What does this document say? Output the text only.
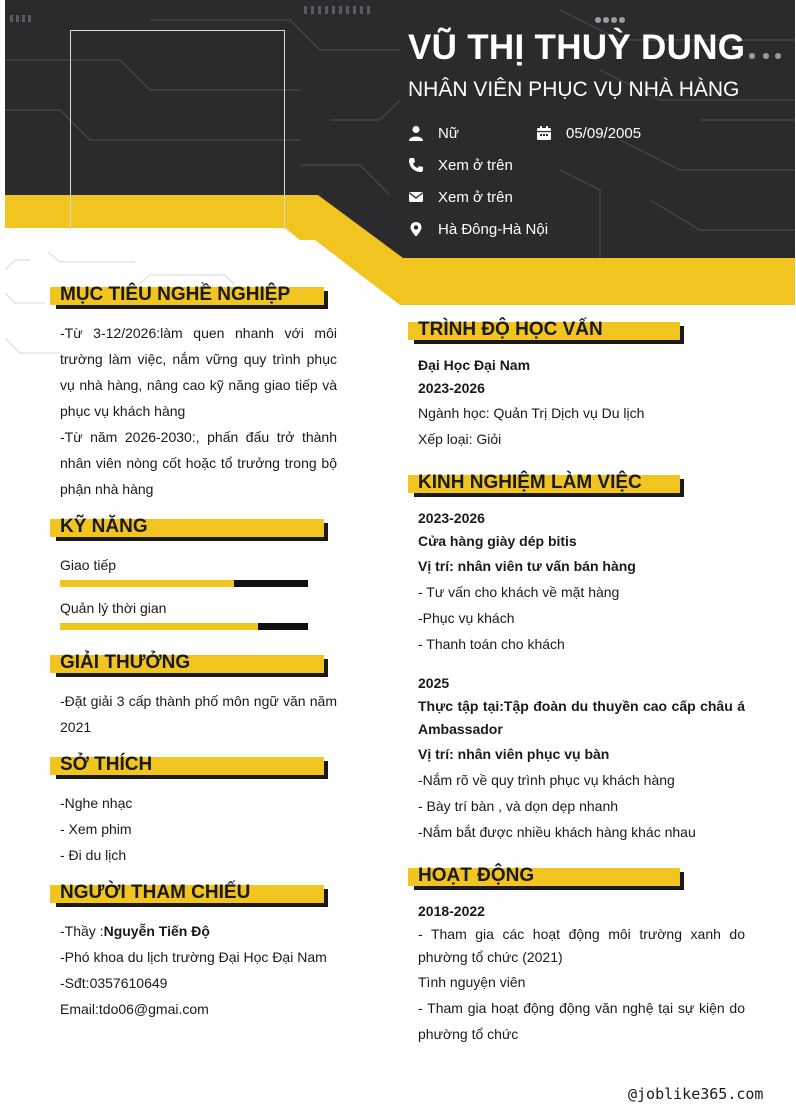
VŨ THỊ THUỲ DUNG
NHÂN VIÊN PHỤC VỤ NHÀ HÀNG
Nữ	05/09/2005
Xem ở trên
Xem ở trên
Hà Đông-Hà Nội
MỤC TIÊU NGHỀ NGHIỆP
-Từ 3-12/2026:làm quen nhanh với môi trường làm việc, nắm vững quy trình phục vụ nhà hàng, nâng cao kỹ năng giao tiếp và phục vụ khách hàng
-Từ năm 2026-2030:, phấn đấu trở thành nhân viên nòng cốt hoặc tổ trưởng trong bộ phận nhà hàng
KỸ NĂNG
Giao tiếp
Quản lý thời gian
GIẢI THƯỞNG
-Đặt giải 3 cấp thành phố môn ngữ văn năm 2021
SỞ THÍCH
-Nghe nhạc
- Xem phim
- Đi du lịch
NGƯỜI THAM CHIẾU
-Thầy :Nguyễn Tiến Độ
-Phó khoa du lịch trường Đại Học Đại Nam
-Sđt:0357610649
Email:tdo06@gmai.com
TRÌNH ĐỘ HỌC VẤN
Đại Học Đại Nam
2023-2026
Ngành học: Quản Trị Dịch vụ Du lịch
Xếp loại: Giỏi
KINH NGHIỆM LÀM VIỆC
2023-2026
Cửa hàng giày dép bitis
Vị trí: nhân viên tư vấn bán hàng
- Tư vấn cho khách về mặt hàng
-Phục vụ khách
- Thanh toán cho khách
2025
Thực tập tại:Tập đoàn du thuyền cao cấp châu á Ambassador
Vị trí: nhân viên phục vụ bàn
-Nắm rõ về quy trình phục vụ khách hàng
- Bày trí bàn , và dọn dẹp nhanh
-Nắm bắt được nhiều khách hàng khác nhau
HOẠT ĐỘNG
2018-2022
- Tham gia các hoạt động môi trường xanh do phường tổ chức (2021)
Tình nguyện viên
- Tham gia hoạt động động văn nghệ tại sự kiện do phường tổ chức
@joblike365.com
